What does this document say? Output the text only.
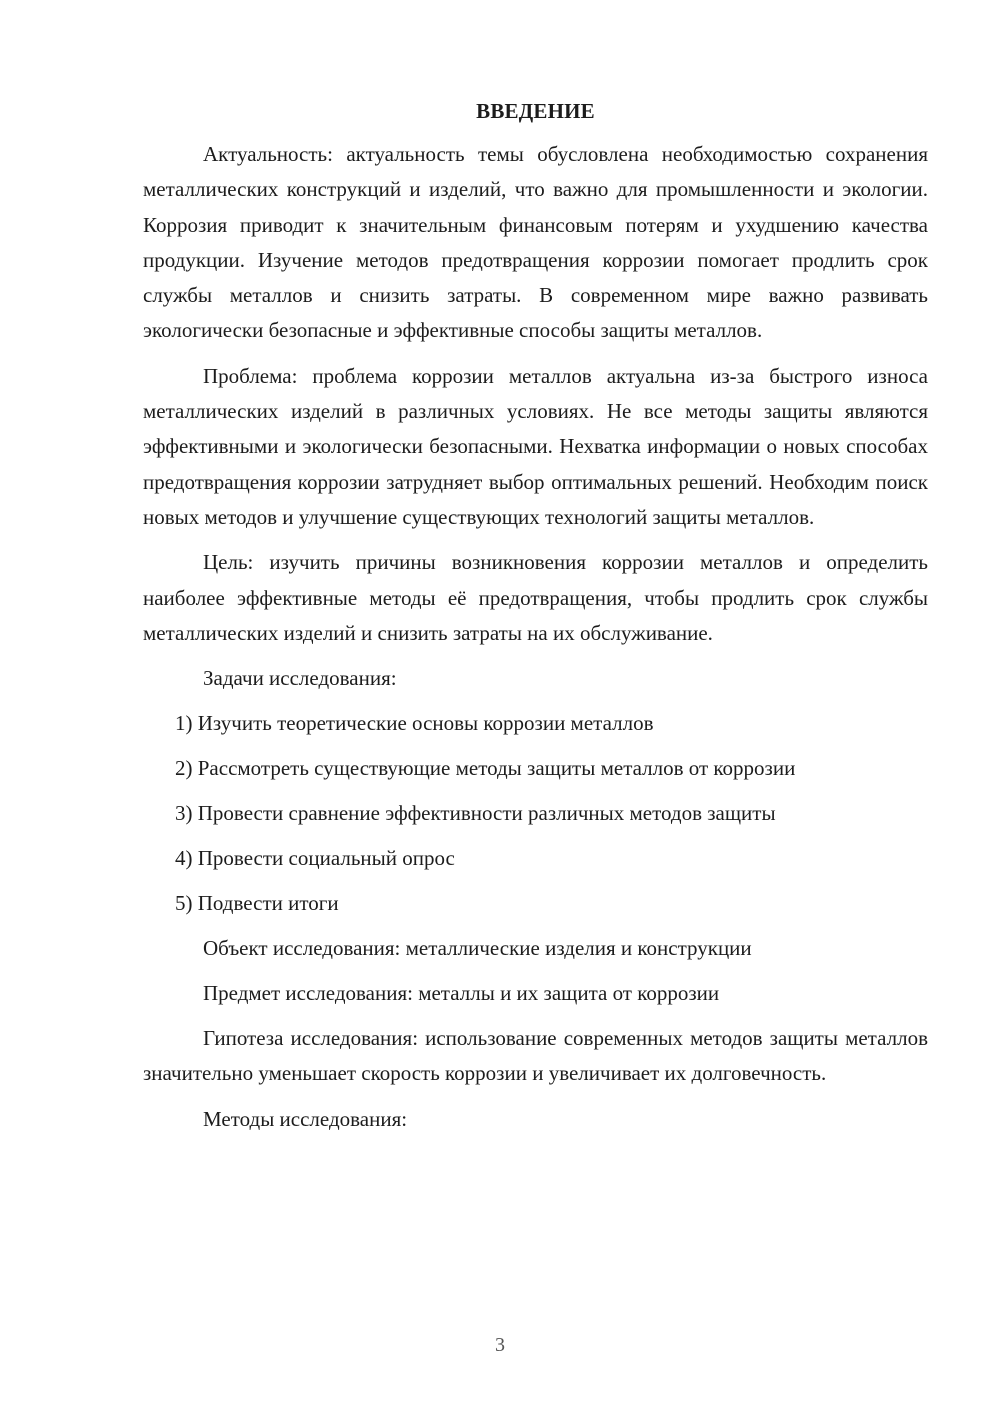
ВВЕДЕНИЕ

Актуальность: актуальность темы обусловлена необходимостью сохранения металлических конструкций и изделий, что важно для промышленности и экологии. Коррозия приводит к значительным финансовым потерям и ухудшению качества продукции. Изучение методов предотвращения коррозии помогает продлить срок службы металлов и снизить затраты. В современном мире важно развивать экологически безопасные и эффективные способы защиты металлов.

Проблема: проблема коррозии металлов актуальна из-за быстрого износа металлических изделий в различных условиях. Не все методы защиты являются эффективными и экологически безопасными. Нехватка информации о новых способах предотвращения коррозии затрудняет выбор оптимальных решений. Необходим поиск новых методов и улучшение существующих технологий защиты металлов.

Цель: изучить причины возникновения коррозии металлов и определить наиболее эффективные методы её предотвращения, чтобы продлить срок службы металлических изделий и снизить затраты на их обслуживание.

Задачи исследования:
1) Изучить теоретические основы коррозии металлов
2) Рассмотреть существующие методы защиты металлов от коррозии
3) Провести сравнение эффективности различных методов защиты
4) Провести социальный опрос
5) Подвести итоги
Объект исследования: металлические изделия и конструкции
Предмет исследования: металлы и их защита от коррозии

Гипотеза исследования: использование современных методов защиты металлов значительно уменьшает скорость коррозии и увеличивает их долговечность.

Методы исследования:
3
